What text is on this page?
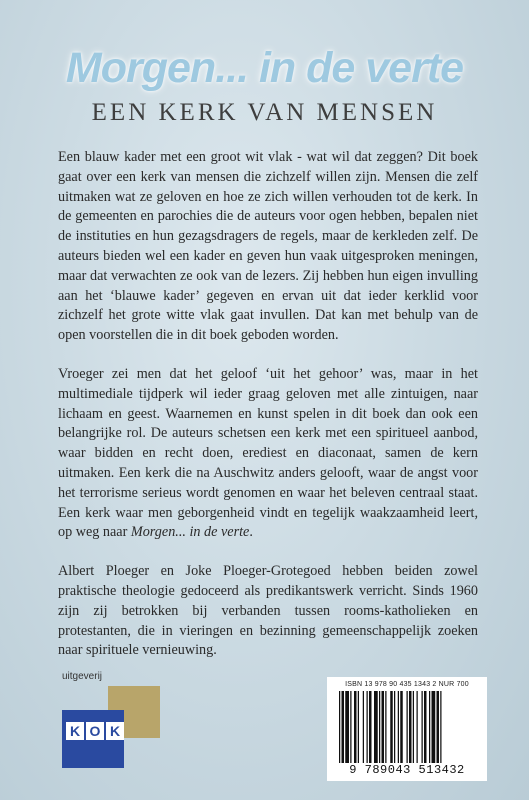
Morgen... in de verte
EEN KERK VAN MENSEN

Een blauw kader met een groot wit vlak - wat wil dat zeggen? Dit boek gaat over een kerk van mensen die zichzelf willen zijn. Mensen die zelf uitmaken wat ze geloven en hoe ze zich willen verhouden tot de kerk. In de gemeenten en parochies die de auteurs voor ogen hebben, bepalen niet de instituties en hun gezagsdragers de regels, maar de kerkleden zelf. De auteurs bieden wel een kader en geven hun vaak uitgesproken meningen, maar dat verwachten ze ook van de lezers. Zij hebben hun eigen invulling aan het ‘blauwe kader’ gegeven en ervan uit dat ieder kerklid voor zichzelf het grote witte vlak gaat invullen. Dat kan met behulp van de open voorstellen die in dit boek geboden worden.

Vroeger zei men dat het geloof ‘uit het gehoor’ was, maar in het multimediale tijdperk wil ieder graag geloven met alle zintuigen, naar lichaam en geest. Waarnemen en kunst spelen in dit boek dan ook een belangrijke rol. De auteurs schetsen een kerk met een spiritueel aanbod, waar bidden en recht doen, erediest en diaconaat, samen de kern uitmaken. Een kerk die na Auschwitz anders gelooft, waar de angst voor het terrorisme serieus wordt genomen en waar het beleven centraal staat. Een kerk waar men geborgenheid vindt en tegelijk waakzaamheid leert, op weg naar Morgen... in de verte.

Albert Ploeger en Joke Ploeger-Grotegoed hebben beiden zowel praktische theologie gedoceerd als predikantswerk verricht. Sinds 1960 zijn zij betrokken bij verbanden tussen rooms-katholieken en protestanten, die in vieringen en bezinning gemeenschappelijk zoeken naar spirituele vernieuwing.

uitgeverij
K O K
ISBN 13 978 90 435 1343 2 NUR 700
9 789043 513432
